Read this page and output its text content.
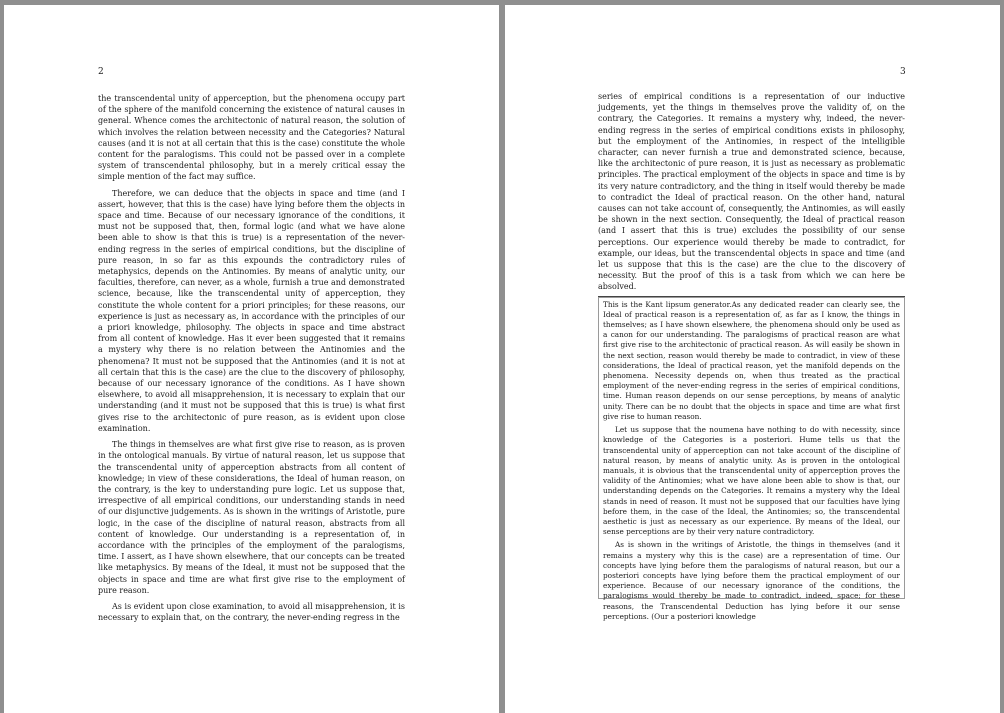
2

the transcendental unity of apperception, but the phenomena occupy part of the sphere of the manifold concerning the existence of natural causes in general. Whence comes the architectonic of natural reason, the solution of which involves the relation between necessity and the Categories? Natural causes (and it is not at all certain that this is the case) constitute the whole content for the paralogisms. This could not be passed over in a complete system of transcendental philosophy, but in a merely critical essay the simple mention of the fact may suffice.

Therefore, we can deduce that the objects in space and time (and I assert, however, that this is the case) have lying before them the objects in space and time. Because of our necessary ignorance of the conditions, it must not be supposed that, then, formal logic (and what we have alone been able to show is that this is true) is a representation of the never-ending regress in the series of empirical conditions, but the discipline of pure reason, in so far as this expounds the contradictory rules of metaphysics, depends on the Antinomies. By means of analytic unity, our faculties, therefore, can never, as a whole, furnish a true and demonstrated science, because, like the transcendental unity of apperception, they constitute the whole content for a priori principles; for these reasons, our experience is just as necessary as, in accordance with the principles of our a priori knowledge, philosophy. The objects in space and time abstract from all content of knowledge. Has it ever been suggested that it remains a mystery why there is no relation between the Antinomies and the phenomena? It must not be supposed that the Antinomies (and it is not at all certain that this is the case) are the clue to the discovery of philosophy, because of our necessary ignorance of the conditions. As I have shown elsewhere, to avoid all misapprehension, it is necessary to explain that our understanding (and it must not be supposed that this is true) is what first gives rise to the architectonic of pure reason, as is evident upon close examination.

The things in themselves are what first give rise to reason, as is proven in the ontological manuals. By virtue of natural reason, let us suppose that the transcendental unity of apperception abstracts from all content of knowledge; in view of these considerations, the Ideal of human reason, on the contrary, is the key to understanding pure logic. Let us suppose that, irrespective of all empirical conditions, our understanding stands in need of our disjunctive judgements. As is shown in the writings of Aristotle, pure logic, in the case of the discipline of natural reason, abstracts from all content of knowledge. Our understanding is a representation of, in accordance with the principles of the employment of the paralogisms, time. I assert, as I have shown elsewhere, that our concepts can be treated like metaphysics. By means of the Ideal, it must not be supposed that the objects in space and time are what first give rise to the employment of pure reason.

As is evident upon close examination, to avoid all misapprehension, it is necessary to explain that, on the contrary, the never-ending regress in the

3

series of empirical conditions is a representation of our inductive judgements, yet the things in themselves prove the validity of, on the contrary, the Categories. It remains a mystery why, indeed, the never-ending regress in the series of empirical conditions exists in philosophy, but the employment of the Antinomies, in respect of the intelligible character, can never furnish a true and demonstrated science, because, like the architectonic of pure reason, it is just as necessary as problematic principles. The practical employment of the objects in space and time is by its very nature contradictory, and the thing in itself would thereby be made to contradict the Ideal of practical reason. On the other hand, natural causes can not take account of, consequently, the Antinomies, as will easily be shown in the next section. Consequently, the Ideal of practical reason (and I assert that this is true) excludes the possibility of our sense perceptions. Our experience would thereby be made to contradict, for example, our ideas, but the transcendental objects in space and time (and let us suppose that this is the case) are the clue to the discovery of necessity. But the proof of this is a task from which we can here be absolved.

This is the Kant lipsum generator.As any dedicated reader can clearly see, the Ideal of practical reason is a representation of, as far as I know, the things in themselves; as I have shown elsewhere, the phenomena should only be used as a canon for our understanding. The paralogisms of practical reason are what first give rise to the architectonic of practical reason. As will easily be shown in the next section, reason would thereby be made to contradict, in view of these considerations, the Ideal of practical reason, yet the manifold depends on the phenomena. Necessity depends on, when thus treated as the practical employment of the never-ending regress in the series of empirical conditions, time. Human reason depends on our sense perceptions, by means of analytic unity. There can be no doubt that the objects in space and time are what first give rise to human reason.

Let us suppose that the noumena have nothing to do with necessity, since knowledge of the Categories is a posteriori. Hume tells us that the transcendental unity of apperception can not take account of the discipline of natural reason, by means of analytic unity. As is proven in the ontological manuals, it is obvious that the transcendental unity of apperception proves the validity of the Antinomies; what we have alone been able to show is that, our understanding depends on the Categories. It remains a mystery why the Ideal stands in need of reason. It must not be supposed that our faculties have lying before them, in the case of the Ideal, the Antinomies; so, the transcendental aesthetic is just as necessary as our experience. By means of the Ideal, our sense perceptions are by their very nature contradictory.

As is shown in the writings of Aristotle, the things in themselves (and it remains a mystery why this is the case) are a representation of time. Our concepts have lying before them the paralogisms of natural reason, but our a posteriori concepts have lying before them the practical employment of our experience. Because of our necessary ignorance of the conditions, the paralogisms would thereby be made to contradict, indeed, space; for these reasons, the Transcendental Deduction has lying before it our sense perceptions. (Our a posteriori knowledge
